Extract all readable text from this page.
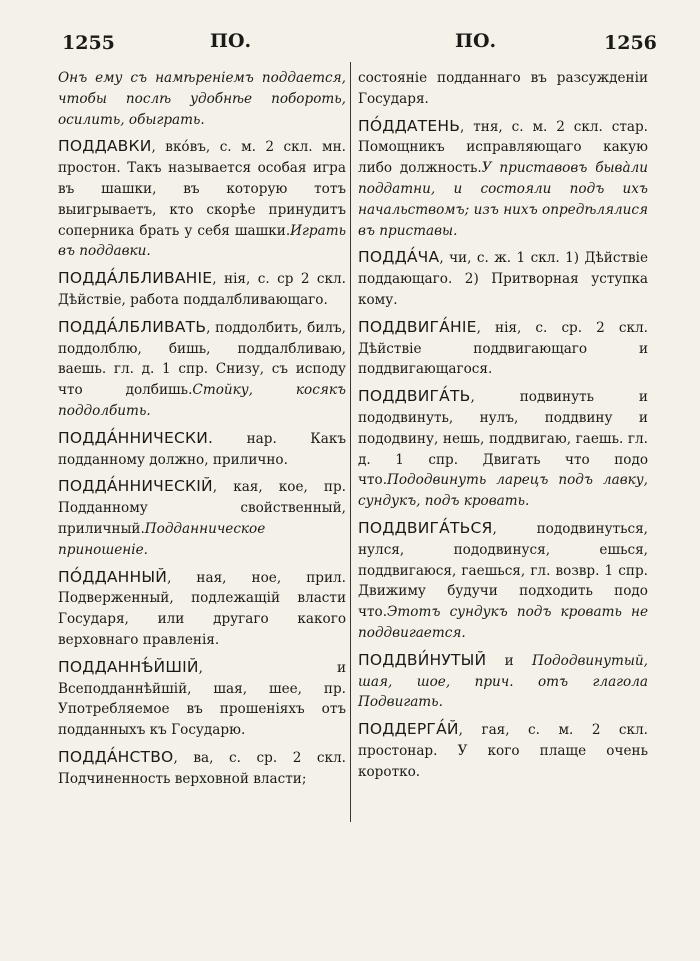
1255	ПО.	ПО.	1256

Онъ ему съ намѣреніемъ поддается, чтобы послѣ удобнѣе побороть, осилить, обыграть.

ПОДДАВКИ, вкóвъ, с. м. 2 скл. мн. простон. Такъ называется особая игра въ шашки, въ которую тотъ выигрываетъ, кто скорѣе принудитъ соперника брать у себя шашки.Играть въ поддавки.

ПОДДА́ЛБЛИВАНІЕ, нія, с. ср 2 скл. Дѣйствіе, работа поддалбливающаго.

ПОДДА́ЛБЛИВАТЬ, поддолбить, билъ, поддолблю, бишь, поддалбливаю, ваешь. гл. д. 1 спр. Снизу, съ исподу что долбишь.Стойку, косякъ поддолбить.

ПОДДА́ННИЧЕСКИ. нар. Какъ подданному должно, прилично.

ПОДДА́ННИЧЕСКІЙ, кая, кое, пр. Подданному свойственный, приличный.Подданническое приношеніе.

ПО́ДДАННЫЙ, ная, ное, прил. Подверженный, подлежащій власти Государя, или другаго какого верховнаго правленія.

ПОДДАННѢ́ЙШІЙ, и Всеподданнѣйшій, шая, шее, пр. Употребляемое въ прошеніяхъ отъ подданныхъ къ Государю.

ПОДДА́НСТВО, ва, с. ср. 2 скл. Подчиненность верховной власти;

состояніе подданнаго въ разсужденіи Государя.

ПО́ДДАТЕНЬ, тня, с. м. 2 скл. стар. Помощникъ исправляющаго какую либо должность.У приставовъ быва̀ли поддатни, и состояли подъ ихъ начальствомъ; изъ нихъ опредѣлялися въ приставы.

ПОДДА́ЧА, чи, с. ж. 1 скл. 1) Дѣйствіе поддающаго. 2) Притворная уступка кому.

ПОДДВИГА́НІЕ, нія, с. ср. 2 скл. Дѣйствіе поддвигающаго и поддвигающагося.

ПОДДВИГА́ТЬ, подвинуть и пододвинуть, нулъ, поддвину и пододвину, нешь, поддвигаю, гаешь. гл. д. 1 спр. Двигать что подо что.Пододвинуть ларецъ подъ лавку, сундукъ, подъ кровать.

ПОДДВИГА́ТЬСЯ, пододвинуться, нулся, пододвинуся, ешься, поддвигаюся, гаешься, гл. возвр. 1 спр. Движиму будучи подходить подо что.Этотъ сундукъ подъ кровать не поддвигается.

ПОДДВИ́НУТЫЙ и Пододвинутый, шая, шое, прич. отъ глагола Подвигать.

ПОДДЕРГА́Й, гая, с. м. 2 скл. простонар. У кого плаще очень коротко.
